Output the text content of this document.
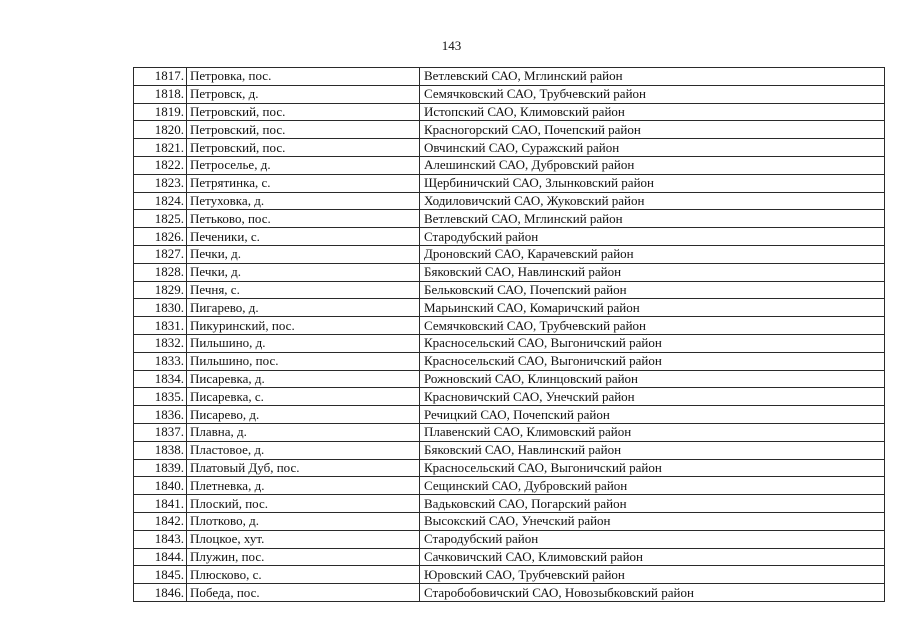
143
1817.	Петровка, пос.	Ветлевский САО, Мглинский район
1818.	Петровск, д.	Семячковский САО, Трубчевский район
1819.	Петровский, пос.	Истопский САО, Климовский район
1820.	Петровский, пос.	Красногорский САО, Почепский район
1821.	Петровский, пос.	Овчинский САО, Суражский район
1822.	Петроселье, д.	Алешинский САО, Дубровский район
1823.	Петрятинка, с.	Щербиничский САО, Злынковский район
1824.	Петуховка, д.	Ходиловичский САО, Жуковский район
1825.	Петьково, пос.	Ветлевский САО, Мглинский район
1826.	Печеники, с.	Стародубский район
1827.	Печки, д.	Дроновский САО, Карачевский район
1828.	Печки, д.	Бяковский САО, Навлинский район
1829.	Печня, с.	Бельковский САО, Почепский район
1830.	Пигарево, д.	Марьинский САО, Комаричский район
1831.	Пикуринский, пос.	Семячковский САО, Трубчевский район
1832.	Пильшино, д.	Красносельский САО, Выгоничский район
1833.	Пильшино, пос.	Красносельский САО, Выгоничский район
1834.	Писаревка, д.	Рожновский САО, Клинцовский район
1835.	Писаревка, с.	Красновичский САО, Унечский район
1836.	Писарево, д.	Речицкий САО, Почепский район
1837.	Плавна, д.	Плавенский САО, Климовский район
1838.	Пластовое, д.	Бяковский САО, Навлинский район
1839.	Платовый Дуб, пос.	Красносельский САО, Выгоничский район
1840.	Плетневка, д.	Сещинский САО, Дубровский район
1841.	Плоский, пос.	Вадьковский САО, Погарский район
1842.	Плотково, д.	Высокский САО, Унечский район
1843.	Плоцкое, хут.	Стародубский район
1844.	Плужин, пос.	Сачковичский САО, Климовский район
1845.	Плюсково, с.	Юровский САО, Трубчевский район
1846.	Победа, пос.	Старобобовичский САО, Новозыбковский район
